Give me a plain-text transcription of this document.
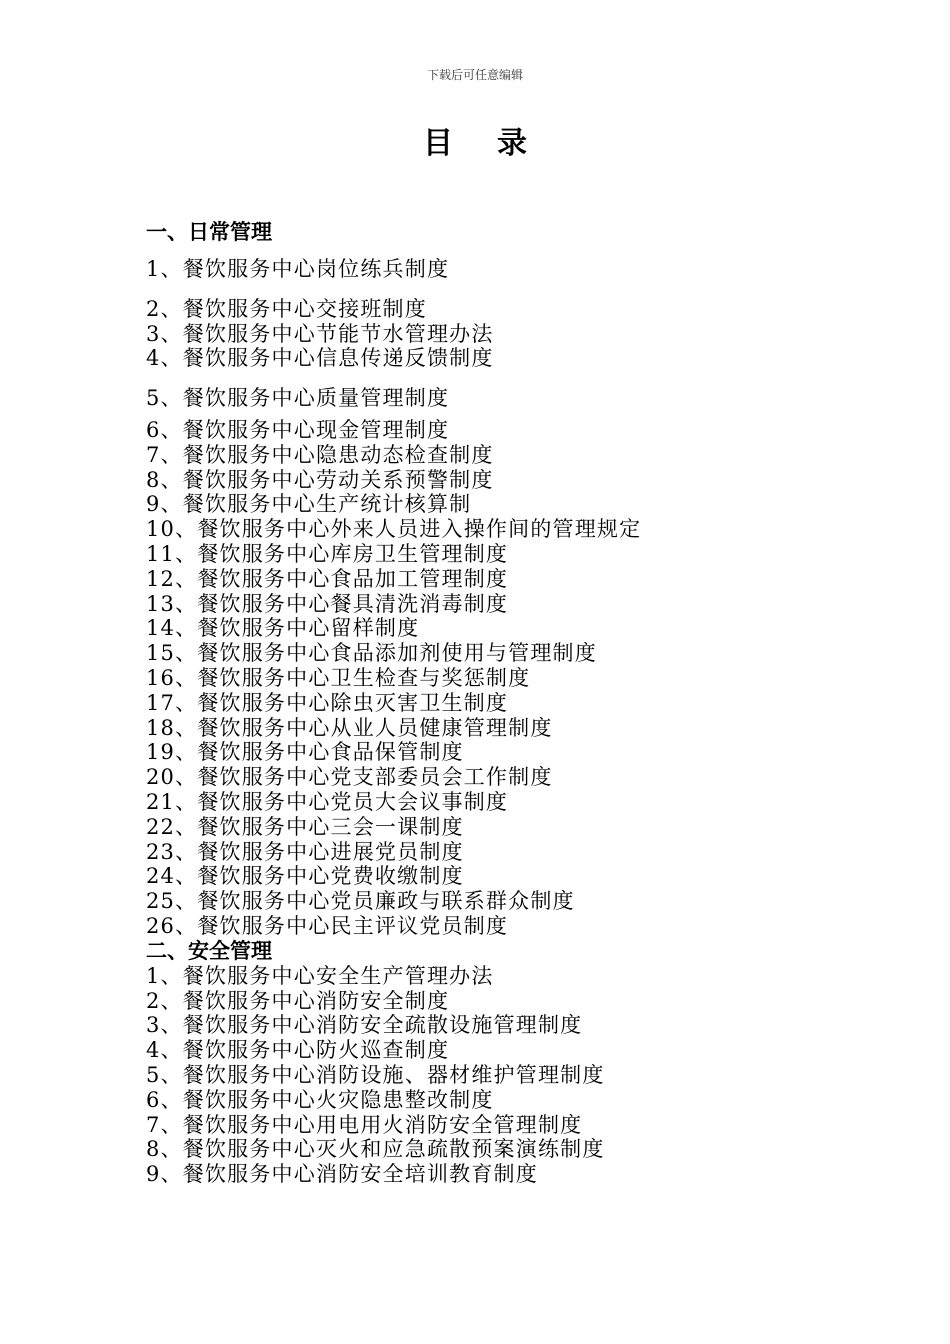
下载后可任意编辑
目 录
一、日常管理
1、餐饮服务中心岗位练兵制度
2、餐饮服务中心交接班制度
3、餐饮服务中心节能节水管理办法
4、餐饮服务中心信息传递反馈制度
5、餐饮服务中心质量管理制度
6、餐饮服务中心现金管理制度
7、餐饮服务中心隐患动态检查制度
8、餐饮服务中心劳动关系预警制度
9、餐饮服务中心生产统计核算制
10、餐饮服务中心外来人员进入操作间的管理规定
11、餐饮服务中心库房卫生管理制度
12、餐饮服务中心食品加工管理制度
13、餐饮服务中心餐具清洗消毒制度
14、餐饮服务中心留样制度
15、餐饮服务中心食品添加剂使用与管理制度
16、餐饮服务中心卫生检查与奖惩制度
17、餐饮服务中心除虫灭害卫生制度
18、餐饮服务中心从业人员健康管理制度
19、餐饮服务中心食品保管制度
20、餐饮服务中心党支部委员会工作制度
21、餐饮服务中心党员大会议事制度
22、餐饮服务中心三会一课制度
23、餐饮服务中心进展党员制度
24、餐饮服务中心党费收缴制度
25、餐饮服务中心党员廉政与联系群众制度
26、餐饮服务中心民主评议党员制度
二、安全管理
1、餐饮服务中心安全生产管理办法
2、餐饮服务中心消防安全制度
3、餐饮服务中心消防安全疏散设施管理制度
4、餐饮服务中心防火巡查制度
5、餐饮服务中心消防设施、器材维护管理制度
6、餐饮服务中心火灾隐患整改制度
7、餐饮服务中心用电用火消防安全管理制度
8、餐饮服务中心灭火和应急疏散预案演练制度
9、餐饮服务中心消防安全培训教育制度
